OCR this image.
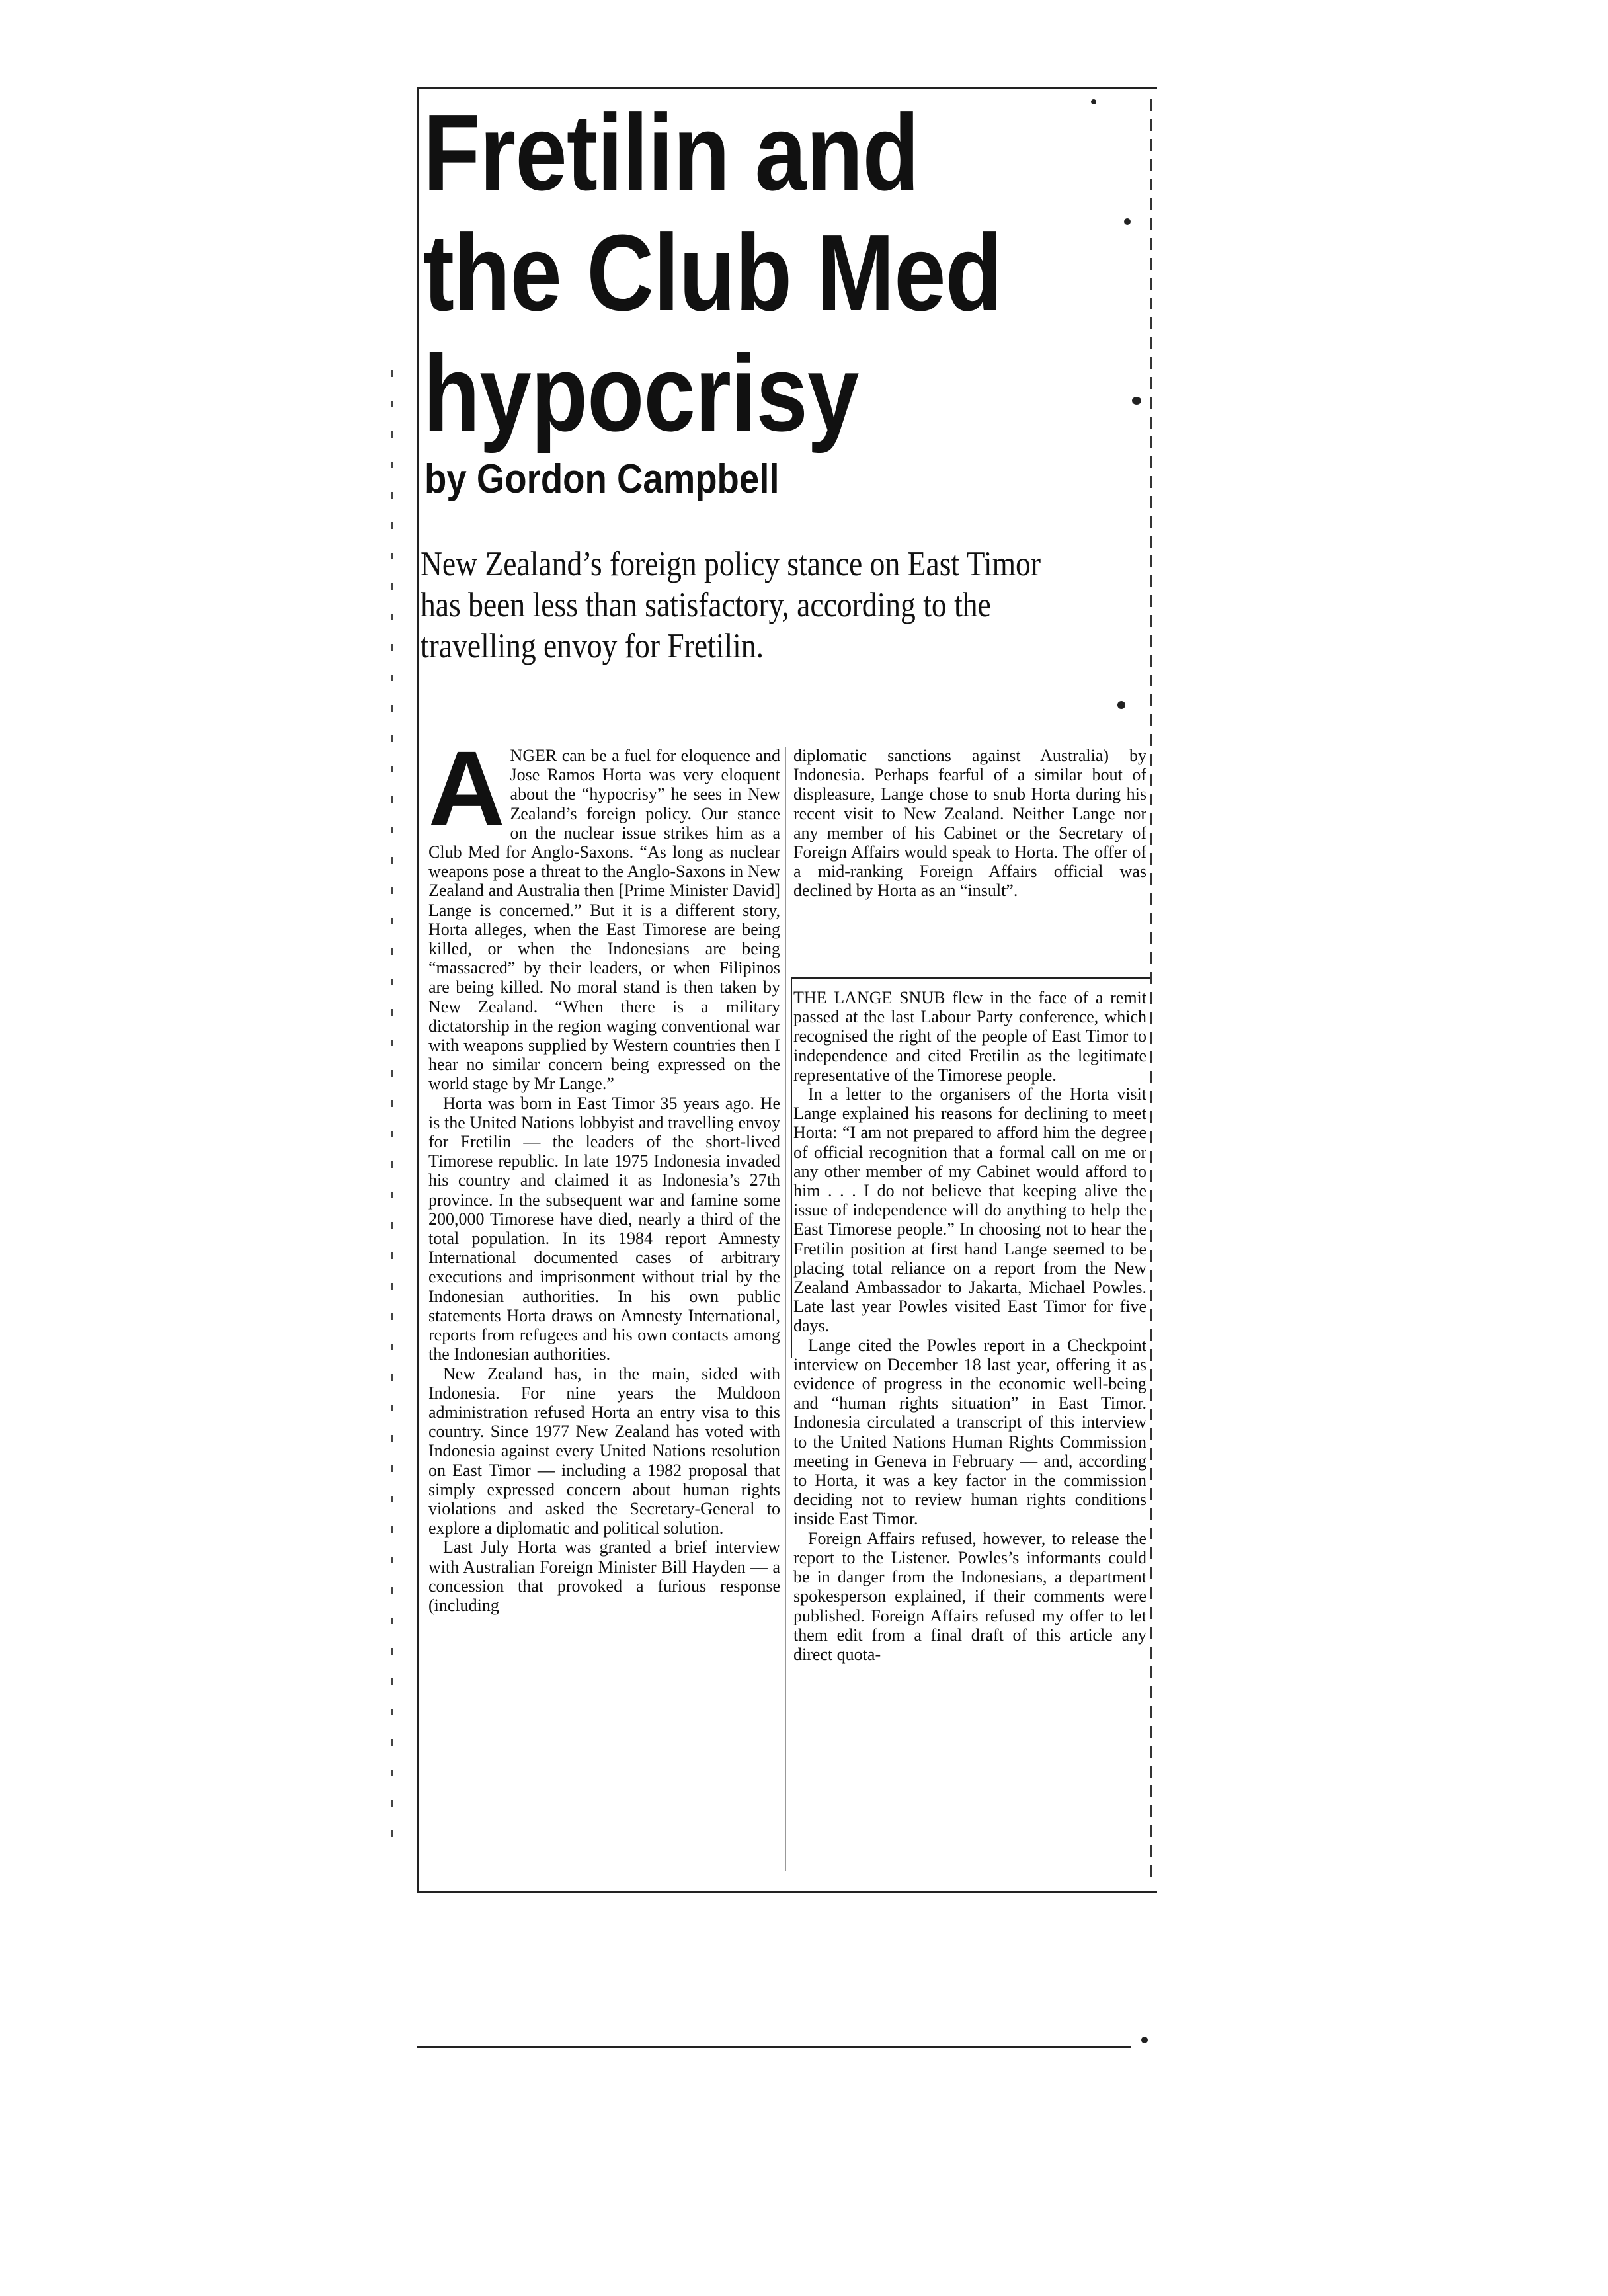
Fretilin and
the Club Med
hypocrisy
by Gordon Campbell
New Zealand’s foreign policy stance on East Timor has been less than satisfactory, according to the travelling envoy for Fretilin.

ANGER can be a fuel for eloquence and Jose Ramos Horta was very eloquent about the “hypocrisy” he sees in New Zealand’s foreign policy. Our stance on the nuclear issue strikes him as a Club Med for Anglo-Saxons. “As long as nuclear weapons pose a threat to the Anglo-Saxons in New Zealand and Australia then [Prime Minister David] Lange is concerned.” But it is a different story, Horta alleges, when the East Timorese are being killed, or when the Indonesians are being “massacred” by their leaders, or when Filipinos are being killed. No moral stand is then taken by New Zealand. “When there is a military dictatorship in the region waging conventional war with weapons supplied by Western countries then I hear no similar concern being expressed on the world stage by Mr Lange.”

Horta was born in East Timor 35 years ago. He is the United Nations lobbyist and travelling envoy for Fretilin — the leaders of the short-lived Timorese republic. In late 1975 Indonesia invaded his country and claimed it as Indonesia’s 27th province. In the subsequent war and famine some 200,000 Timorese have died, nearly a third of the total population. In its 1984 report Amnesty International documented cases of arbitrary executions and imprisonment without trial by the Indonesian authorities. In his own public statements Horta draws on Amnesty International, reports from refugees and his own contacts among the Indonesian authorities.

New Zealand has, in the main, sided with Indonesia. For nine years the Muldoon administration refused Horta an entry visa to this country. Since 1977 New Zealand has voted with Indonesia against every United Nations resolution on East Timor — including a 1982 proposal that simply expressed concern about human rights violations and asked the Secretary-General to explore a diplomatic and political solution.

Last July Horta was granted a brief interview with Australian Foreign Minister Bill Hayden — a concession that provoked a furious response (including

diplomatic sanctions against Australia) by Indonesia. Perhaps fearful of a similar bout of displeasure, Lange chose to snub Horta during his recent visit to New Zealand. Neither Lange nor any member of his Cabinet or the Secretary of Foreign Affairs would speak to Horta. The offer of a mid-ranking Foreign Affairs official was declined by Horta as an “insult”.

THE LANGE SNUB flew in the face of a remit passed at the last Labour Party conference, which recognised the right of the people of East Timor to independence and cited Fretilin as the legitimate representative of the Timorese people.

In a letter to the organisers of the Horta visit Lange explained his reasons for declining to meet Horta: “I am not prepared to afford him the degree of official recognition that a formal call on me or any other member of my Cabinet would afford to him . . . I do not believe that keeping alive the issue of independence will do anything to help the East Timorese people.” In choosing not to hear the Fretilin position at first hand Lange seemed to be placing total reliance on a report from the New Zealand Ambassador to Jakarta, Michael Powles. Late last year Powles visited East Timor for five days.

Lange cited the Powles report in a Checkpoint interview on December 18 last year, offering it as evidence of progress in the economic well-being and “human rights situation” in East Timor. Indonesia circulated a transcript of this interview to the United Nations Human Rights Commission meeting in Geneva in February — and, according to Horta, it was a key factor in the commission deciding not to review human rights conditions inside East Timor.

Foreign Affairs refused, however, to release the report to the Listener. Powles’s informants could be in danger from the Indonesians, a department spokesperson explained, if their comments were published. Foreign Affairs refused my offer to let them edit from a final draft of this article any direct quota-
